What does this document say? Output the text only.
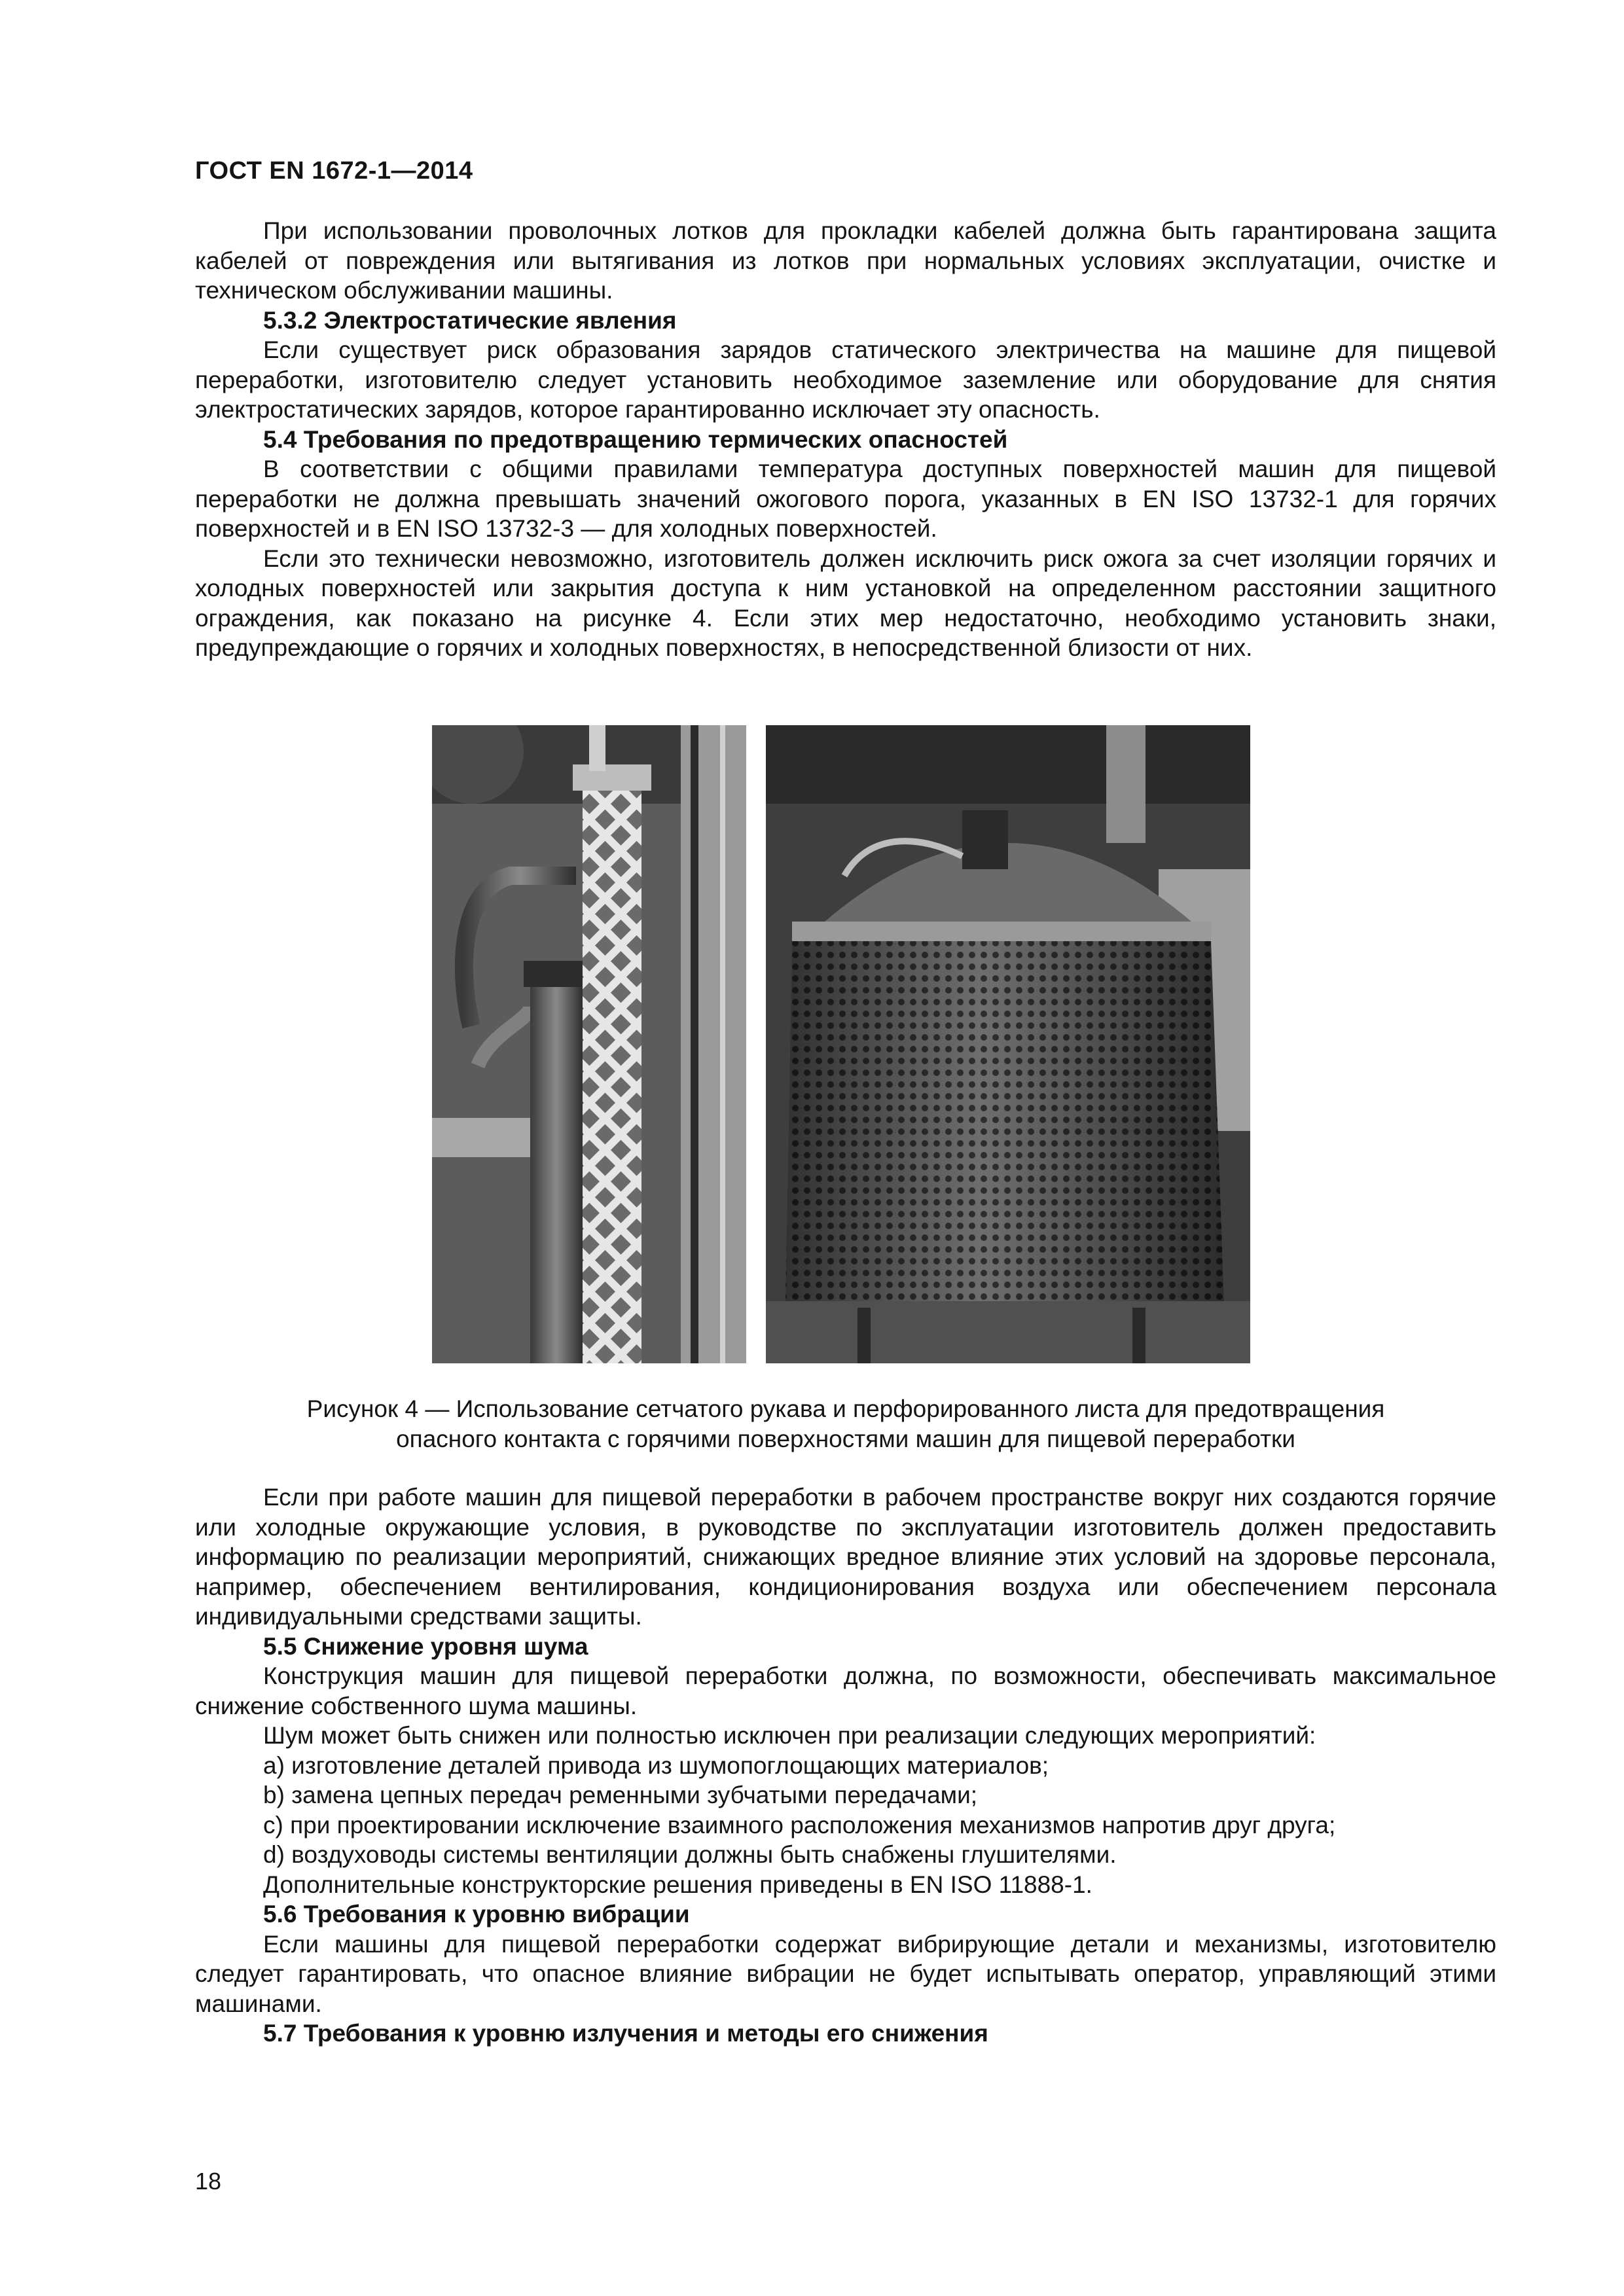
ГОСТ EN 1672-1—2014

При использовании проволочных лотков для прокладки кабелей должна быть гарантирована защита кабелей от повреждения или вытягивания из лотков при нормальных условиях эксплуатации, очистке и техническом обслуживании машины.

5.3.2 Электростатические явления

Если существует риск образования зарядов статического электричества на машине для пищевой переработки, изготовителю следует установить необходимое заземление или оборудование для снятия электростатических зарядов, которое гарантированно исключает эту опасность.

5.4 Требования по предотвращению термических опасностей

В соответствии с общими правилами температура доступных поверхностей машин для пищевой переработки не должна превышать значений ожогового порога, указанных в EN ISO 13732-1 для горячих поверхностей и в EN ISO 13732-3 — для холодных поверхностей.

Если это технически невозможно, изготовитель должен исключить риск ожога за счет изоляции горячих и холодных поверхностей или закрытия доступа к ним установкой на определенном расстоянии защитного ограждения, как показано на рисунке 4. Если этих мер недостаточно, необходимо установить знаки, предупреждающие о горячих и холодных поверхностях, в непосредственной близости от них.

Рисунок 4 — Использование сетчатого рукава и перфорированного листа для предотвращения
опасного контакта с горячими поверхностями машин для пищевой переработки

Если при работе машин для пищевой переработки в рабочем пространстве вокруг них создаются горячие или холодные окружающие условия, в руководстве по эксплуатации изготовитель должен предоставить информацию по реализации мероприятий, снижающих вредное влияние этих условий на здоровье персонала, например, обеспечением вентилирования, кондиционирования воздуха или обеспечением персонала индивидуальными средствами защиты.

5.5 Снижение уровня шума

Конструкция машин для пищевой переработки должна, по возможности, обеспечивать максимальное снижение собственного шума машины.

Шум может быть снижен или полностью исключен при реализации следующих мероприятий:

a) изготовление деталей привода из шумопоглощающих материалов;

b) замена цепных передач ременными зубчатыми передачами;

c) при проектировании исключение взаимного расположения механизмов напротив друг друга;

d) воздуховоды системы вентиляции должны быть снабжены глушителями.

Дополнительные конструкторские решения приведены в EN ISO 11888-1.

5.6 Требования к уровню вибрации

Если машины для пищевой переработки содержат вибрирующие детали и механизмы, изготовителю следует гарантировать, что опасное влияние вибрации не будет испытывать оператор, управляющий этими машинами.

5.7 Требования к уровню излучения и методы его снижения

18
